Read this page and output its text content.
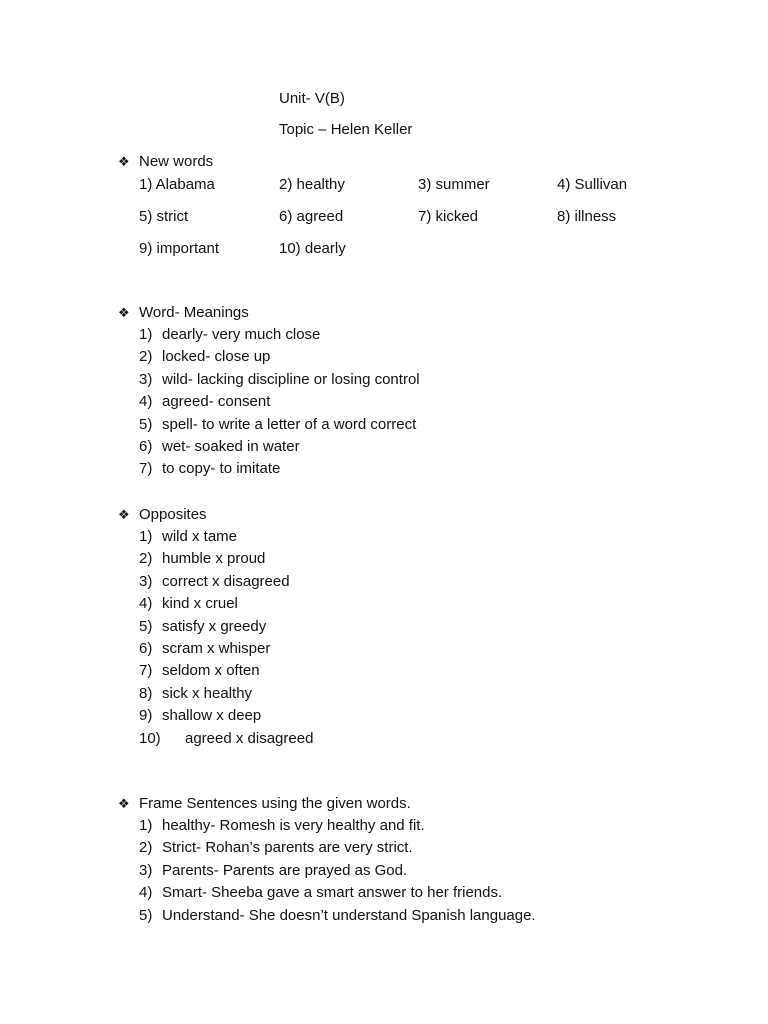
Unit- V(B)
Topic – Helen Keller
❖ New words
1) Alabama	2) healthy	3) summer	4) Sullivan
5) strict	6) agreed	7) kicked	8) illness
9) important	10) dearly
❖ Word- Meanings
1) dearly- very much close
2) locked- close up
3) wild- lacking discipline or losing control
4) agreed- consent
5) spell- to write a letter of a word correct
6) wet- soaked in water
7) to copy- to imitate
❖ Opposites
1) wild x tame
2) humble x proud
3) correct x disagreed
4) kind x cruel
5) satisfy x greedy
6) scram x whisper
7) seldom x often
8) sick x healthy
9) shallow x deep
10) agreed x disagreed
❖ Frame Sentences using the given words.
1) healthy- Romesh is very healthy and fit.
2) Strict- Rohan’s parents are very strict.
3) Parents- Parents are prayed as God.
4) Smart- Sheeba gave a smart answer to her friends.
5) Understand- She doesn’t understand Spanish language.
